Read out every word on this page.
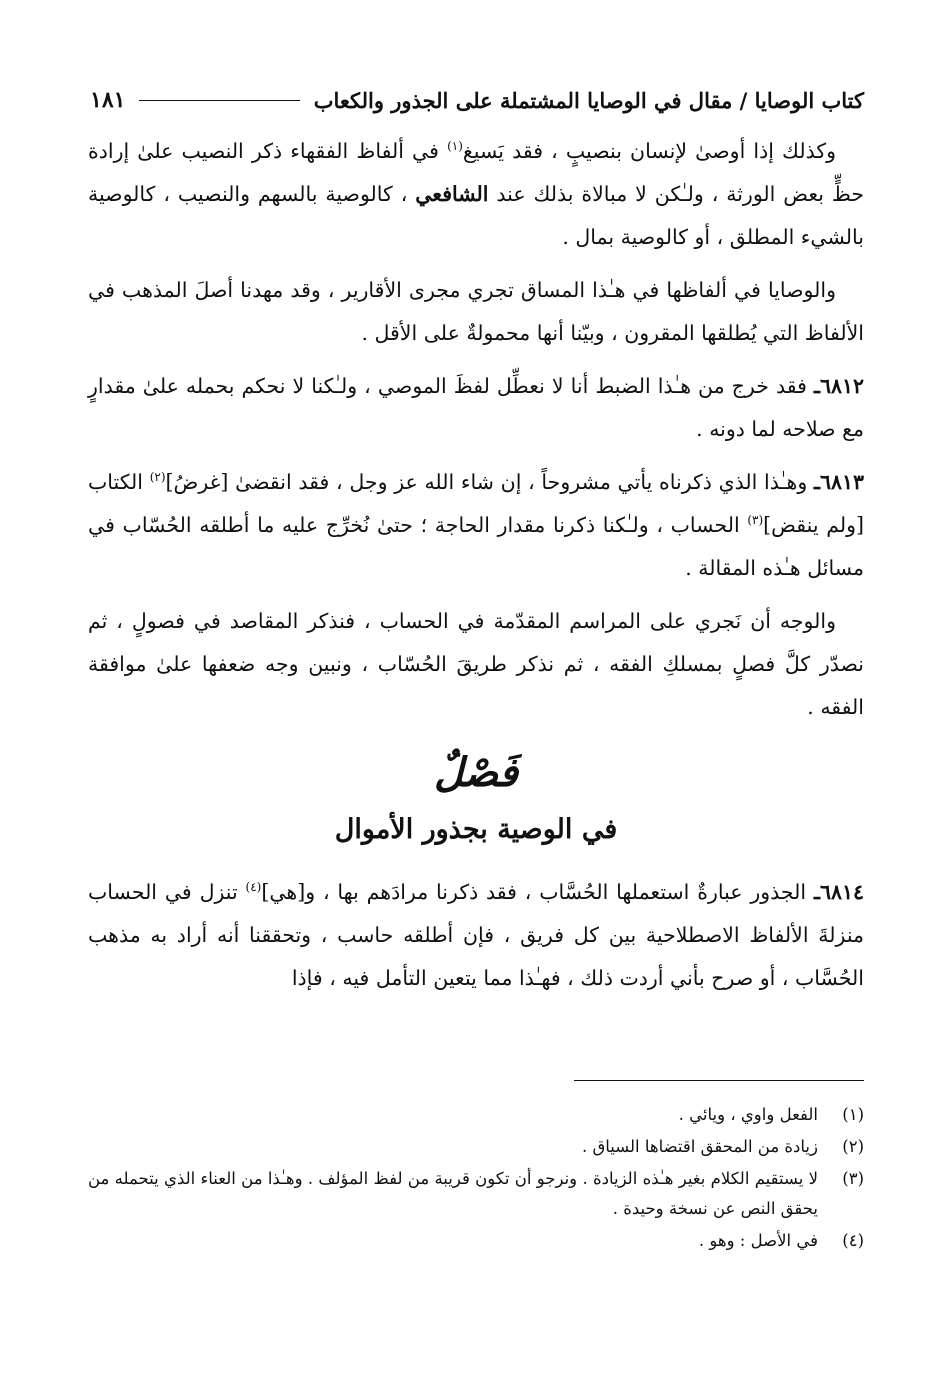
كتاب الوصايا / مقال في الوصايا المشتملة على الجذور والكعاب
١٨١

وكذلك إذا أوصىٰ لإنسان بنصيبٍ ، فقد يَسيغ$^{(١)}$ في ألفاظ الفقهاء ذكر النصيب علىٰ إرادة حظٍّ بعض الورثة ، ولـٰكن لا مبالاة بذلك عند الشافعي ، كالوصية بالسهم والنصيب ، كالوصية بالشيء المطلق ، أو كالوصية بمال .

والوصايا في ألفاظها في هـٰذا المساق تجري مجرى الأقارير ، وقد مهدنا أصلَ المذهب في الألفاظ التي يُطلقها المقرون ، وبيّنا أنها محمولةٌ على الأقل .

٦٨١٢ـ فقد خرج من هـٰذا الضبط أنا لا نعطِّل لفظَ الموصي ، ولـٰكنا لا نحكم بحمله علىٰ مقدارٍ مع صلاحه لما دونه .

٦٨١٣ـ وهـٰذا الذي ذكرناه يأتي مشروحاً ، إن شاء الله عز وجل ، فقد انقضىٰ [غرضُ]$^{(٢)}$ الكتاب [ولم ينقض]$^{(٣)}$ الحساب ، ولـٰكنا ذكرنا مقدار الحاجة ؛ حتىٰ نُخرِّج عليه ما أطلقه الحُسّاب في مسائل هـٰذه المقالة .

والوجه أن نَجري على المراسم المقدّمة في الحساب ، فنذكر المقاصد في فصولٍ ، ثم نصدّر كلَّ فصلٍ بمسلكِ الفقه ، ثم نذكر طريقَ الحُسّاب ، ونبين وجه ضعفها علىٰ موافقة الفقه .

فَصْلٌ
في الوصية بجذور الأموال

٦٨١٤ـ الجذور عبارةٌ استعملها الحُسَّاب ، فقد ذكرنا مرادَهم بها ، و[هي]$^{(٤)}$ تنزل في الحساب منزلةَ الألفاظ الاصطلاحية بين كل فريق ، فإن أطلقه حاسب ، وتحققنا أنه أراد به مذهب الحُسَّاب ، أو صرح بأني أردت ذلك ، فهـٰذا مما يتعين التأمل فيه ، فإذا

(١)
الفعل واوي ، ويائي .
(٢)
زيادة من المحقق اقتضاها السياق .
(٣)
لا يستقيم الكلام بغير هـٰذه الزيادة . ونرجو أن تكون قريبة من لفظ المؤلف . وهـٰذا من العناء الذي يتحمله من يحقق النص عن نسخة وحيدة .
(٤)
في الأصل : وهو .
